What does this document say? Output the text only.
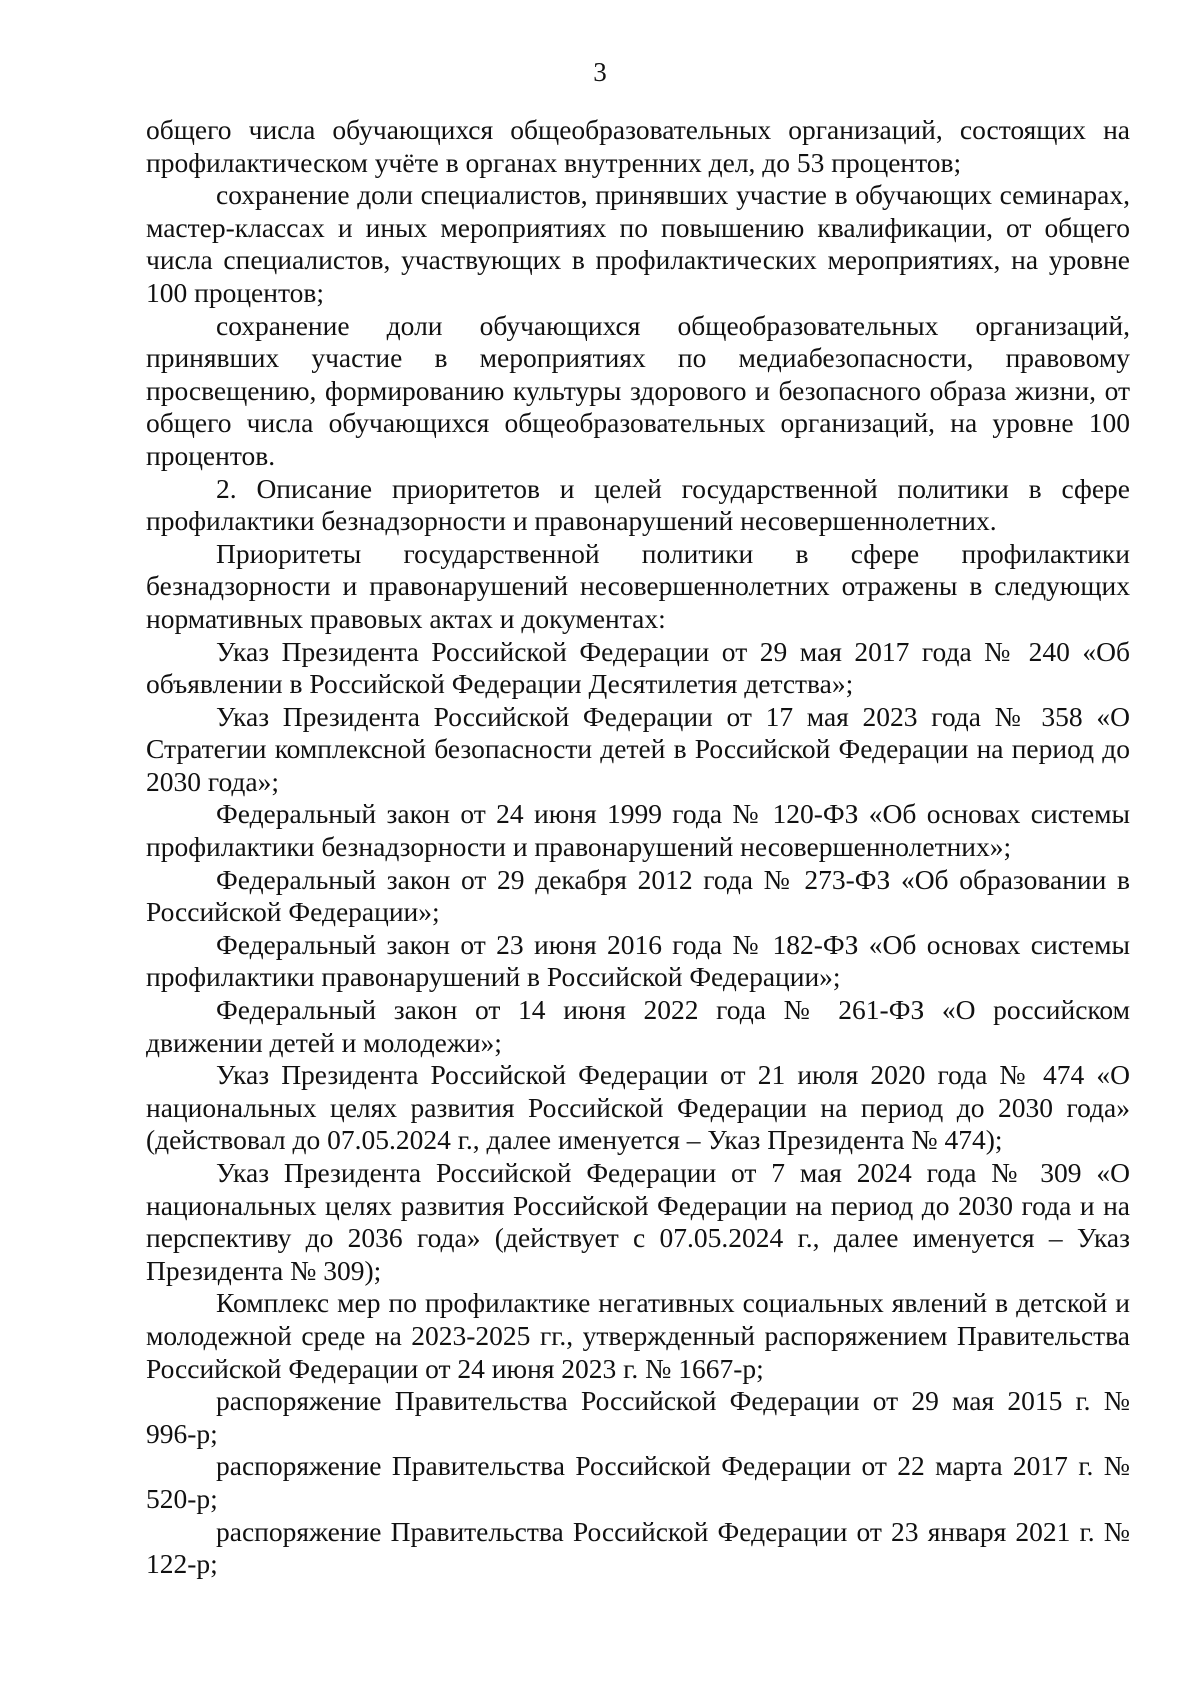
3

общего числа обучающихся общеобразовательных организаций, состоящих на профилактическом учёте в органах внутренних дел, до 53 процентов;

сохранение доли специалистов, принявших участие в обучающих семинарах, мастер-классах и иных мероприятиях по повышению квалификации, от общего числа специалистов, участвующих в профилактических мероприятиях, на уровне 100 процентов;

сохранение доли обучающихся общеобразовательных организаций, принявших участие в мероприятиях по медиабезопасности, правовому просвещению, формированию культуры здорового и безопасного образа жизни, от общего числа обучающихся общеобразовательных организаций, на уровне 100 процентов.

2. Описание приоритетов и целей государственной политики в сфере профилактики безнадзорности и правонарушений несовершеннолетних.

Приоритеты государственной политики в сфере профилактики безнадзорности и правонарушений несовершеннолетних отражены в следующих нормативных правовых актах и документах:

Указ Президента Российской Федерации от 29 мая 2017 года № 240 «Об объявлении в Российской Федерации Десятилетия детства»;

Указ Президента Российской Федерации от 17 мая 2023 года № 358 «О Стратегии комплексной безопасности детей в Российской Федерации на период до 2030 года»;

Федеральный закон от 24 июня 1999 года № 120-ФЗ «Об основах системы профилактики безнадзорности и правонарушений несовершеннолетних»;

Федеральный закон от 29 декабря 2012 года № 273-ФЗ «Об образовании в Российской Федерации»;

Федеральный закон от 23 июня 2016 года № 182-ФЗ «Об основах системы профилактики правонарушений в Российской Федерации»;

Федеральный закон от 14 июня 2022 года № 261-ФЗ «О российском движении детей и молодежи»;

Указ Президента Российской Федерации от 21 июля 2020 года № 474 «О национальных целях развития Российской Федерации на период до 2030 года» (действовал до 07.05.2024 г., далее именуется – Указ Президента № 474);

Указ Президента Российской Федерации от 7 мая 2024 года № 309 «О национальных целях развития Российской Федерации на период до 2030 года и на перспективу до 2036 года» (действует с 07.05.2024 г., далее именуется – Указ Президента № 309);

Комплекс мер по профилактике негативных социальных явлений в детской и молодежной среде на 2023-2025 гг., утвержденный распоряжением Правительства Российской Федерации от 24 июня 2023 г. № 1667-р;

распоряжение Правительства Российской Федерации от 29 мая 2015 г. № 996-р;

распоряжение Правительства Российской Федерации от 22 марта 2017 г. № 520-р;

распоряжение Правительства Российской Федерации от 23 января 2021 г. № 122-р;
